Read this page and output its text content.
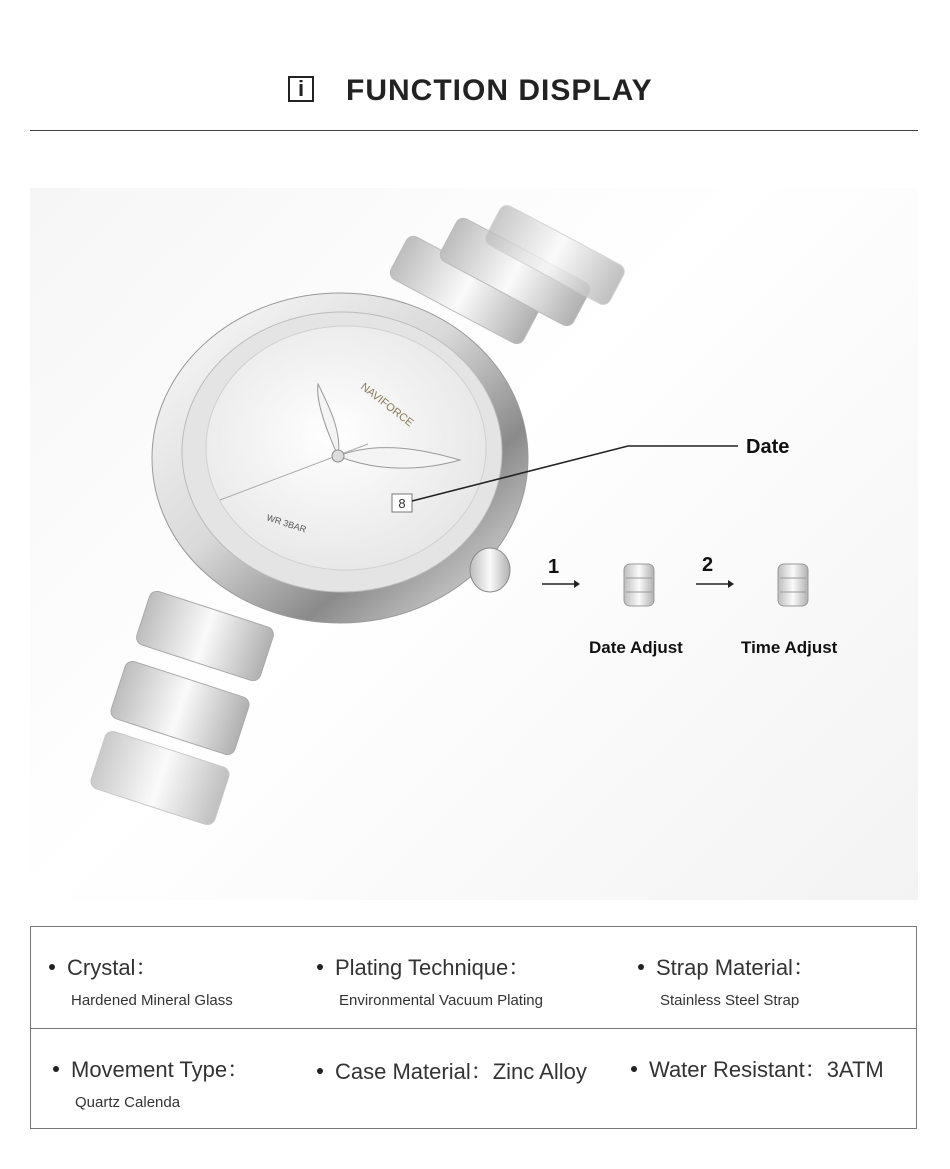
i	FUNCTION DISPLAY
8
NAVIFORCE
WR 3BAR
Date
1	2
Date Adjust	Time Adjust
Crystal：
Hardened Mineral Glass
Plating Technique：
Environmental Vacuum Plating
Strap Material：
Stainless Steel Strap
Movement Type：
Quartz Calenda
Case Material：Zinc Alloy	Water Resistant：3ATM
